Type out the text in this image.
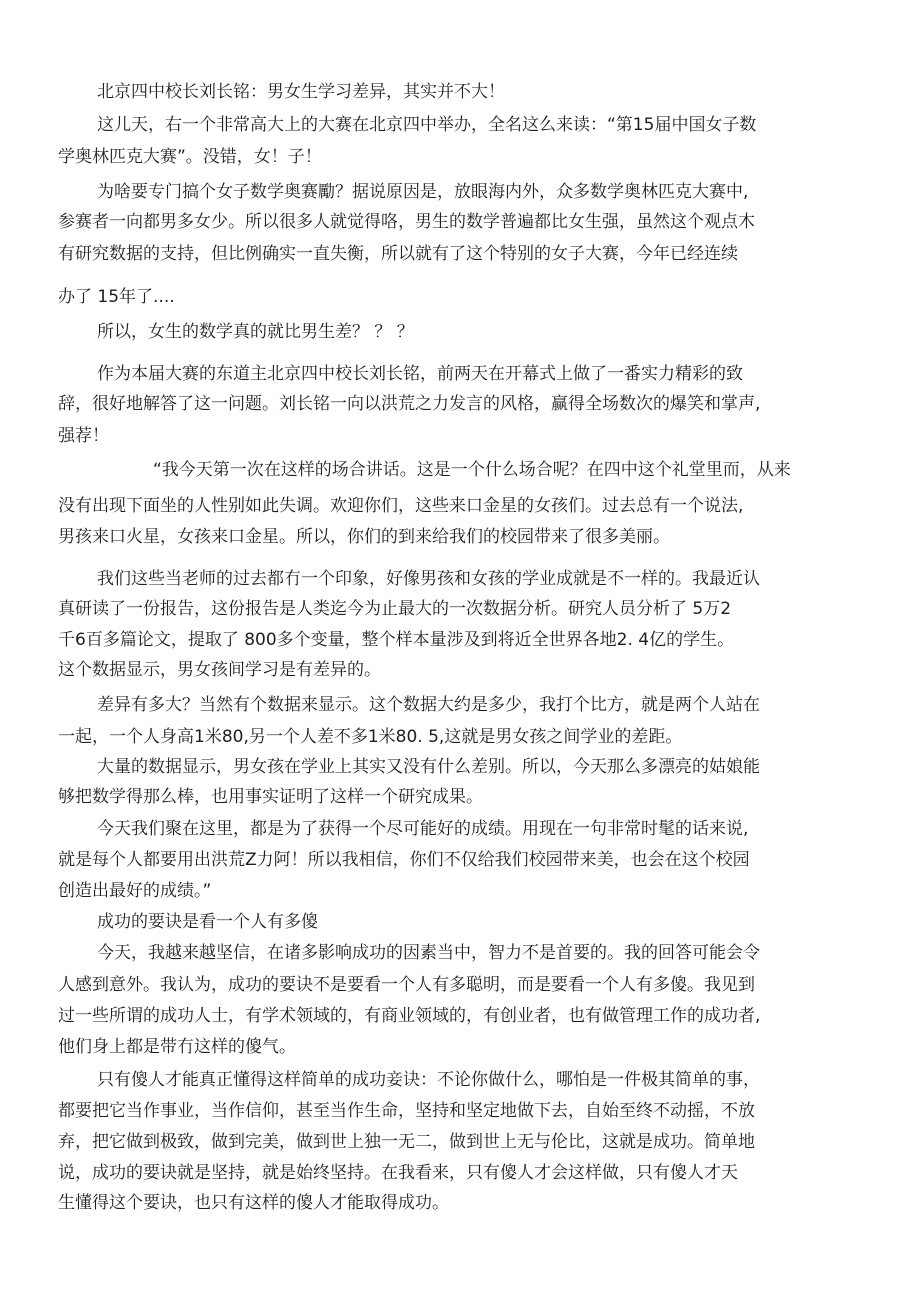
北京四中校长刘长铭：男女生学习差异，其实并不大！
这儿天，右一个非常高大上的大赛在北京四中举办，全名这么来读：“第15届中国女子数
学奥林匹克大赛”。没错，女！子！
为啥要专门搞个女子数学奥赛勵？据说原因是，放眼海内外，众多数学奥林匹克大赛中,
参赛者一向都男多女少。所以很多人就觉得咯，男生的数学普遍都比女生强，虽然这个观点木
有研究数据的支持，但比例确实一直失衡，所以就有了这个特别的女子大赛，今年已经连续
办了 15年了....
所以，女生的数学真的就比男生差？ ？ ？
作为本届大赛的东道主北京四中校长刘长铭，前两天在开幕式上做了一番实力精彩的致
辞，很好地解答了这一问题。刘长铭一向以洪荒之力发言的风格，赢得全场数次的爆笑和掌声,
强荐！
“我今天第一次在这样的场合讲话。这是一个什么场合呢？在四中这个礼堂里而，从来
没有出现下面坐的人性别如此失调。欢迎你们，这些来口金星的女孩们。过去总有一个说法,
男孩来口火星，女孩来口金星。所以，你们的到来给我们的校园带来了很多美丽。
我们这些当老师的过去都冇一个印象，好像男孩和女孩的学业成就是不一样的。我最近认
真研读了一份报告，这份报告是人类迄今为止最大的一次数据分析。研究人员分析了 5万2
千6百多篇论文，提取了 800多个变量，整个样本量涉及到将近全世界各地2. 4亿的学生。
这个数据显示，男女孩间学习是有差异的。
差异有多大？当然有个数据来显示。这个数据大约是多少，我打个比方，就是两个人站在
一起，一个人身高1米80,另一个人差不多1米80. 5,这就是男女孩之间学业的差距。
大量的数据显示，男女孩在学业上其实又没有什么差别。所以，今天那么多漂亮的姑娘能
够把数学得那么棒，也用事实证明了这样一个研究成果。
今天我们聚在这里，都是为了获得一个尽可能好的成绩。用现在一句非常时髦的话来说,
就是每个人都要用出洪荒Z力阿！所以我相信，你们不仅给我们校园带来美，也会在这个校园
创造出最好的成绩。”
成功的要诀是看一个人有多傻
今天，我越来越坚信，在诸多影响成功的因素当中，智力不是首要的。我的回答可能会令
人感到意外。我认为，成功的要诀不是要看一个人有多聪明，而是要看一个人有多傻。我见到
过一些所谓的成功人士，有学术领域的，有商业领域的，有创业者，也有做管理工作的成功者,
他们身上都是带冇这样的傻气。
只有傻人才能真正懂得这样简单的成功妾诀：不论你做什么，哪怕是一件极其简单的事，
都要把它当作事业，当作信仰，甚至当作生命，坚持和坚定地做下去，自始至终不动摇，不放
弃，把它做到极致，做到完美，做到世上独一无二，做到世上无与伦比，这就是成功。简单地
说，成功的要诀就是坚持，就是始终坚持。在我看来，只有傻人才会这样做，只有傻人才天
生懂得这个要诀，也只有这样的傻人才能取得成功。
